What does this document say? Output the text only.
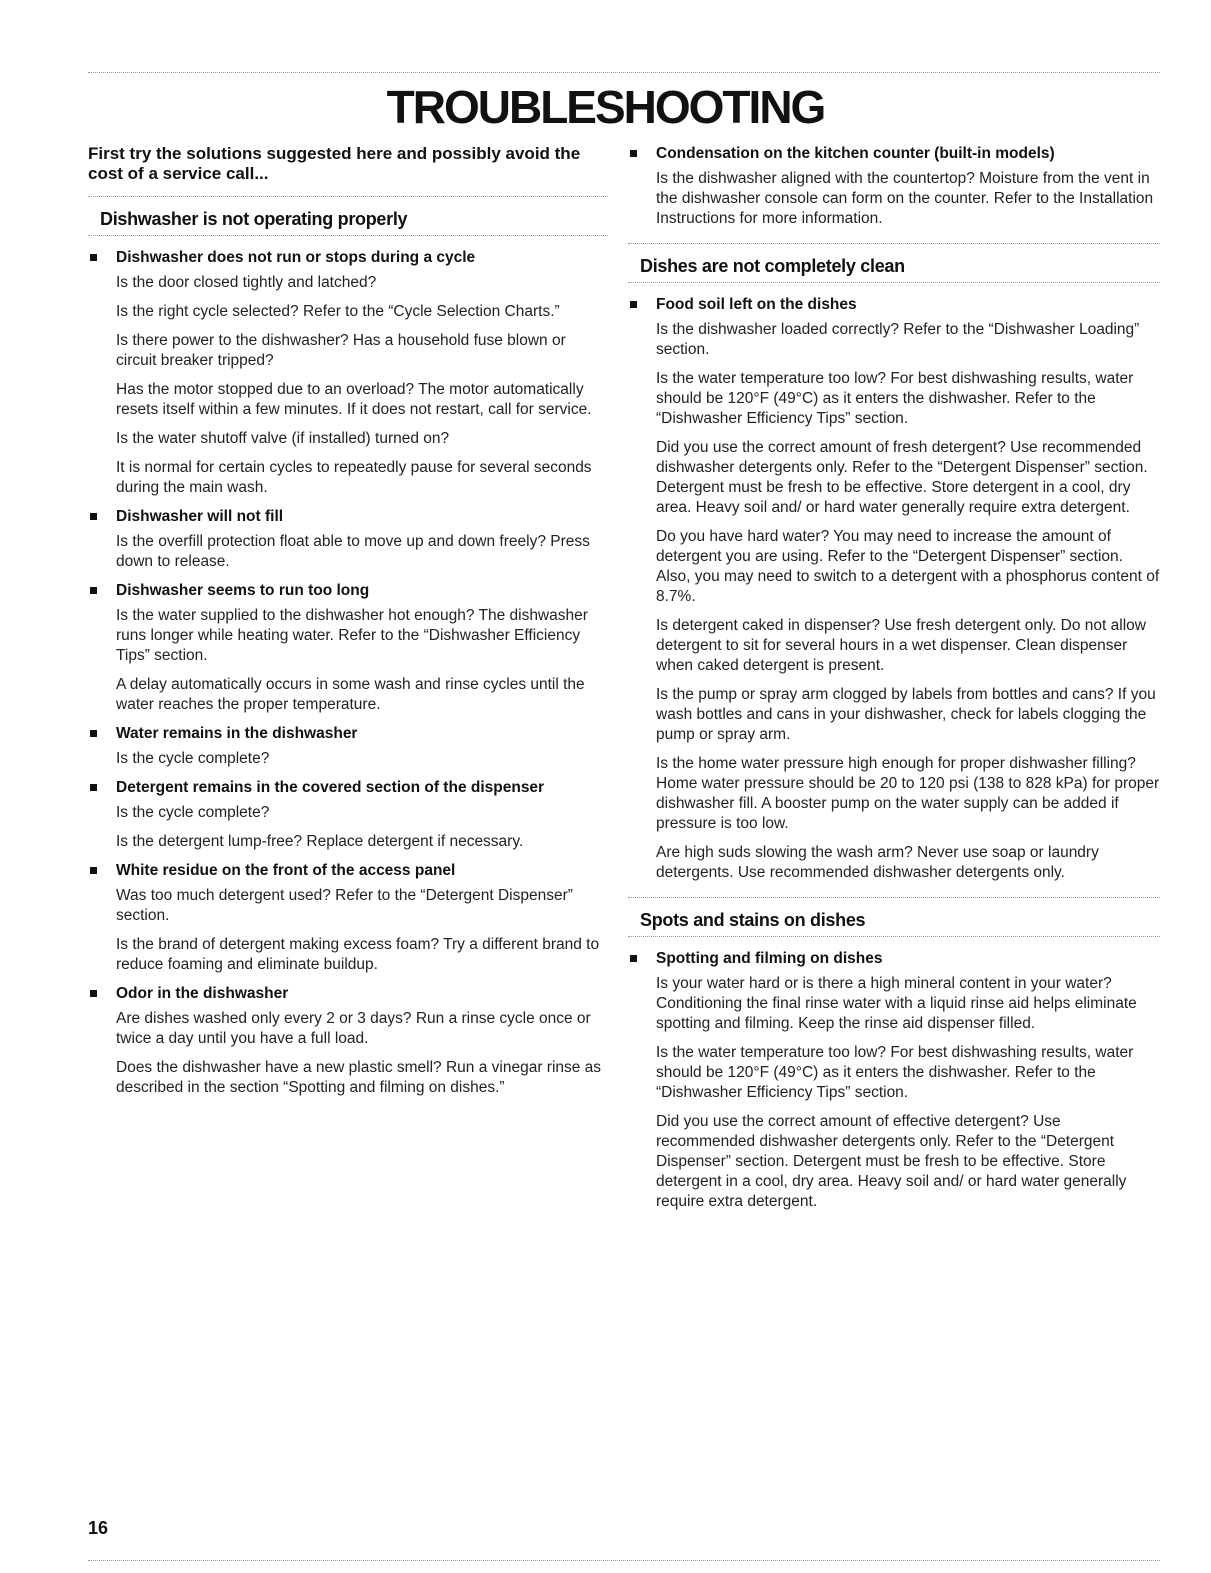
TROUBLESHOOTING
First try the solutions suggested here and possibly avoid the cost of a service call...
Dishwasher is not operating properly
Dishwasher does not run or stops during a cycle

Is the door closed tightly and latched?

Is the right cycle selected? Refer to the “Cycle Selection Charts.”

Is there power to the dishwasher? Has a household fuse blown or circuit breaker tripped?

Has the motor stopped due to an overload? The motor automatically resets itself within a few minutes. If it does not restart, call for service.

Is the water shutoff valve (if installed) turned on?

It is normal for certain cycles to repeatedly pause for several seconds during the main wash.

Dishwasher will not fill

Is the overfill protection float able to move up and down freely? Press down to release.

Dishwasher seems to run too long

Is the water supplied to the dishwasher hot enough? The dishwasher runs longer while heating water. Refer to the “Dishwasher Efficiency Tips” section.

A delay automatically occurs in some wash and rinse cycles until the water reaches the proper temperature.

Water remains in the dishwasher

Is the cycle complete?

Detergent remains in the covered section of the dispenser

Is the cycle complete?

Is the detergent lump-free? Replace detergent if necessary.

White residue on the front of the access panel

Was too much detergent used? Refer to the “Detergent Dispenser” section.

Is the brand of detergent making excess foam? Try a different brand to reduce foaming and eliminate buildup.

Odor in the dishwasher

Are dishes washed only every 2 or 3 days? Run a rinse cycle once or twice a day until you have a full load.

Does the dishwasher have a new plastic smell? Run a vinegar rinse as described in the section “Spotting and filming on dishes.”

Condensation on the kitchen counter (built-in models)

Is the dishwasher aligned with the countertop? Moisture from the vent in the dishwasher console can form on the counter. Refer to the Installation Instructions for more information.

Dishes are not completely clean
Food soil left on the dishes

Is the dishwasher loaded correctly? Refer to the “Dishwasher Loading” section.

Is the water temperature too low? For best dishwashing results, water should be 120°F (49°C) as it enters the dishwasher. Refer to the “Dishwasher Efficiency Tips” section.

Did you use the correct amount of fresh detergent? Use recommended dishwasher detergents only. Refer to the “Detergent Dispenser” section. Detergent must be fresh to be effective. Store detergent in a cool, dry area. Heavy soil and/ or hard water generally require extra detergent.

Do you have hard water? You may need to increase the amount of detergent you are using. Refer to the “Detergent Dispenser” section. Also, you may need to switch to a detergent with a phosphorus content of 8.7%.

Is detergent caked in dispenser? Use fresh detergent only. Do not allow detergent to sit for several hours in a wet dispenser. Clean dispenser when caked detergent is present.

Is the pump or spray arm clogged by labels from bottles and cans? If you wash bottles and cans in your dishwasher, check for labels clogging the pump or spray arm.

Is the home water pressure high enough for proper dishwasher filling? Home water pressure should be 20 to 120 psi (138 to 828 kPa) for proper dishwasher fill. A booster pump on the water supply can be added if pressure is too low.

Are high suds slowing the wash arm? Never use soap or laundry detergents. Use recommended dishwasher detergents only.

Spots and stains on dishes
Spotting and filming on dishes

Is your water hard or is there a high mineral content in your water? Conditioning the final rinse water with a liquid rinse aid helps eliminate spotting and filming. Keep the rinse aid dispenser filled.

Is the water temperature too low? For best dishwashing results, water should be 120°F (49°C) as it enters the dishwasher. Refer to the “Dishwasher Efficiency Tips” section.

Did you use the correct amount of effective detergent? Use recommended dishwasher detergents only. Refer to the “Detergent Dispenser” section. Detergent must be fresh to be effective. Store detergent in a cool, dry area. Heavy soil and/ or hard water generally require extra detergent.

16
